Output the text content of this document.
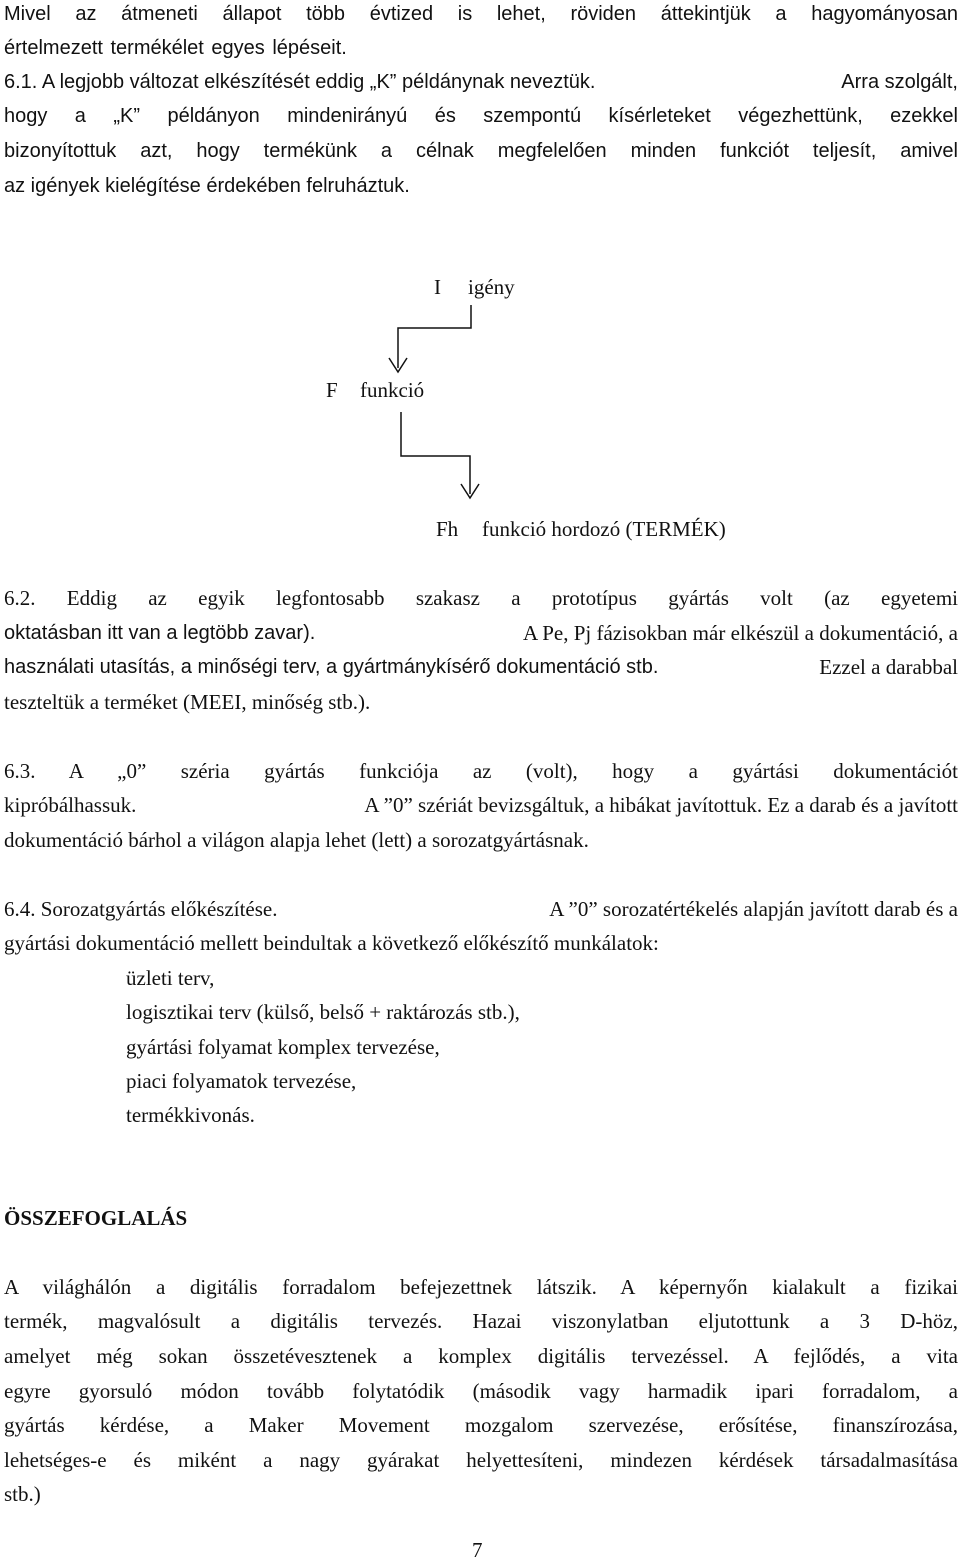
Mivel az átmeneti állapot több évtized is lehet, röviden áttekintjük a hagyományosan
értelmezett termékélet egyes lépéseit.
6.1. A legjobb változat elkészítését eddig „K” példánynak neveztük.	Arra szolgált,
hogy a „K” példányon mindenirányú és szempontú kísérleteket végezhettünk, ezekkel
bizonyítottuk azt, hogy termékünk a célnak megfelelően minden funkciót teljesít, amivel
az igények kielégítése érdekében felruháztuk.
I igény
F funkció
Fh funkció hordozó (TERMÉK)
6.2. Eddig az egyik legfontosabb szakasz a prototípus gyártás volt (az egyetemi
oktatásban itt van a legtöbb zavar).	A Pe, Pj fázisokban már elkészül a dokumentáció, a
használati utasítás, a minőségi terv, a gyártmánykísérő dokumentáció stb.	Ezzel a darabbal
teszteltük a terméket (MEEI, minőség stb.).
6.3. A „0” széria gyártás funkciója az (volt), hogy a gyártási dokumentációt
kipróbálhassuk.	A ”0” szériát bevizsgáltuk, a hibákat javítottuk. Ez a darab és a javított
dokumentáció bárhol a világon alapja lehet (lett) a sorozatgyártásnak.
6.4. Sorozatgyártás előkészítése.	A ”0” sorozatértékelés alapján javított darab és a
gyártási dokumentáció mellett beindultak a következő előkészítő munkálatok:
üzleti terv,
logisztikai terv (külső, belső + raktározás stb.),
gyártási folyamat komplex tervezése,
piaci folyamatok tervezése,
termékkivonás.
ÖSSZEFOGLALÁS
A világhálón a digitális forradalom befejezettnek látszik. A képernyőn kialakult a fizikai
termék, magvalósult a digitális tervezés. Hazai viszonylatban eljutottunk a 3 D-höz,
amelyet még sokan összetévesztenek a komplex digitális tervezéssel. A fejlődés, a vita
egyre gyorsuló módon tovább folytatódik (második vagy harmadik ipari forradalom, a
gyártás kérdése, a Maker Movement mozgalom szervezése, erősítése, finanszírozása,
lehetséges-e és miként a nagy gyárakat helyettesíteni, mindezen kérdések társadalmasítása
stb.)
7
